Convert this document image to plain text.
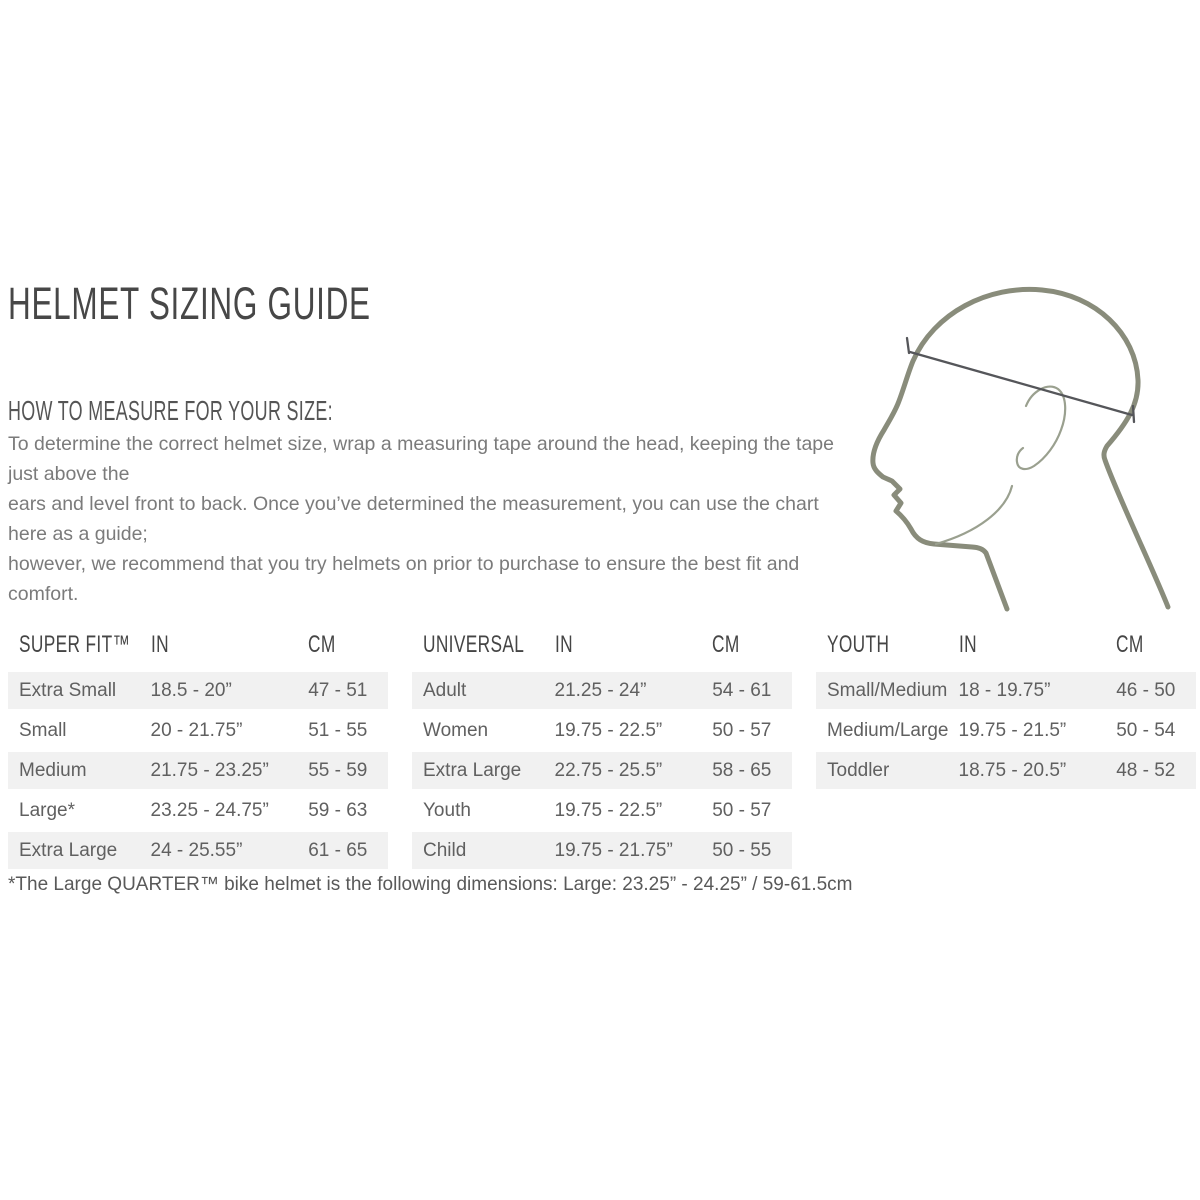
HELMET SIZING GUIDE
HOW TO MEASURE FOR YOUR SIZE:

To determine the correct helmet size, wrap a measuring tape around the head, keeping the tape just above the
ears and level front to back. Once you’ve determined the measurement, you can use the chart here as a guide;
however, we recommend that you try helmets on prior to purchase to ensure the best fit and comfort.

SUPER FIT™ IN	CM
Extra Small	18.5 - 20”	47 - 51
Small	20 - 21.75”	51 - 55
Medium	21.75 - 23.25”	55 - 59
Large*	23.25 - 24.75”	59 - 63
Extra Large	24 - 25.55”	61 - 65
UNIVERSAL	IN	CM
Adult	21.25 - 24”	54 - 61
Women	19.75 - 22.5”	50 - 57
Extra Large	22.75 - 25.5”	58 - 65
Youth	19.75 - 22.5”	50 - 57
Child	19.75 - 21.75”	50 - 55
YOUTH	IN	CM
Small/Medium 18 - 19.75”	46 - 50
Medium/Large 19.75 - 21.5”	50 - 54
Toddler	18.75 - 20.5”	48 - 52

*The Large QUARTER™ bike helmet is the following dimensions: Large: 23.25” - 24.25” / 59-61.5cm
